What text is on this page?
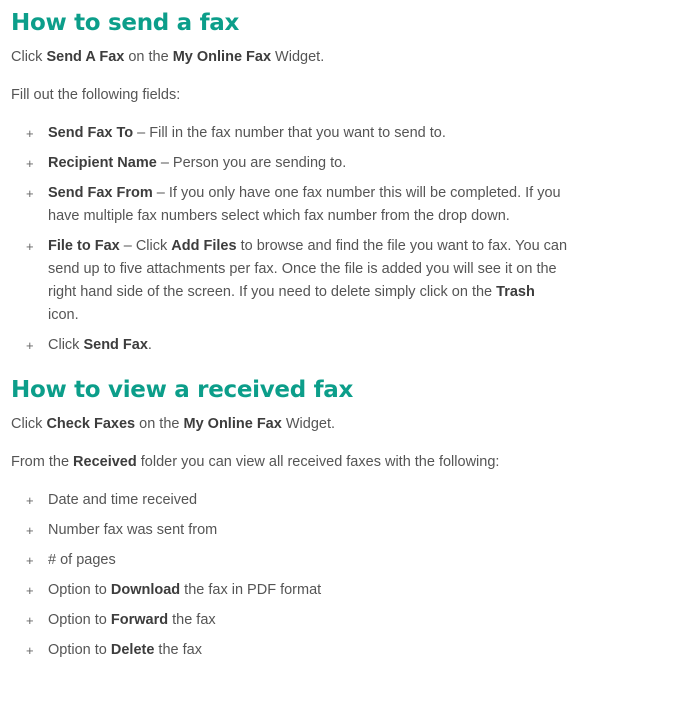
How to send a fax

Click Send A Fax on the My Online Fax Widget.

Fill out the following fields:

+ Send Fax To – Fill in the fax number that you want to send to.
+ Recipient Name – Person you are sending to.
+ Send Fax From – If you only have one fax number this will be completed. If you have multiple fax numbers select which fax number from the drop down.
+ File to Fax – Click Add Files to browse and find the file you want to fax. You can send up to five attachments per fax. Once the file is added you will see it on the right hand side of the screen. If you need to delete simply click on the Trash icon.
+ Click Send Fax.
How to view a received fax

Click Check Faxes on the My Online Fax Widget.

From the Received folder you can view all received faxes with the following:

+ Date and time received
+ Number fax was sent from
+ # of pages
+ Option to Download the fax in PDF format
+ Option to Forward the fax
+ Option to Delete the fax
